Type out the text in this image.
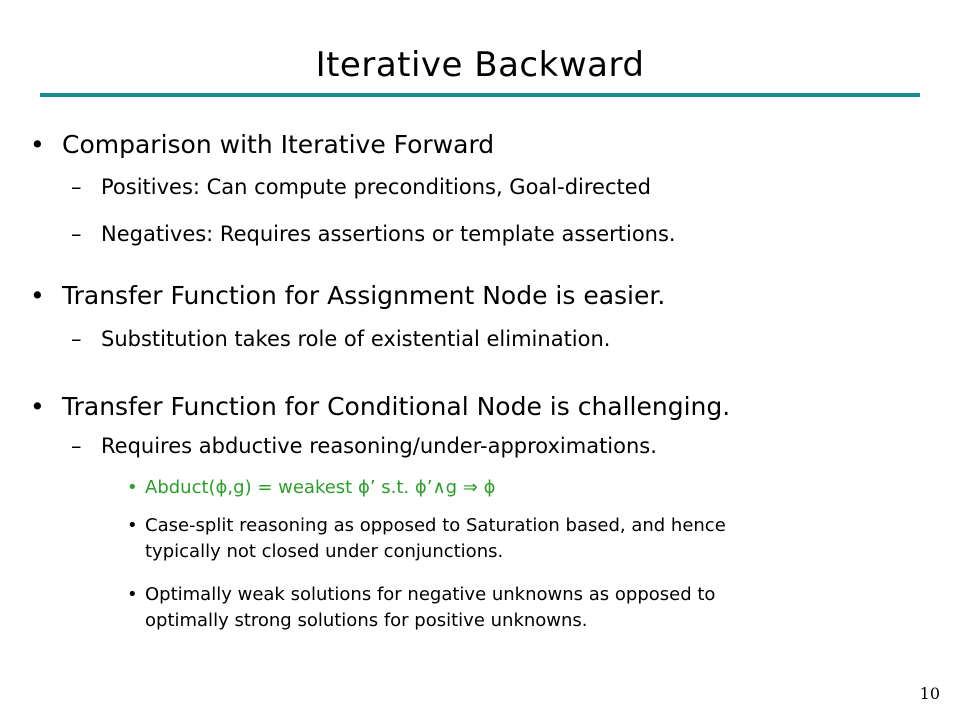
Iterative Backward
• Comparison with Iterative Forward
– Positives: Can compute preconditions, Goal-directed
– Negatives: Requires assertions or template assertions.
• Transfer Function for Assignment Node is easier.
– Substitution takes role of existential elimination.
• Transfer Function for Conditional Node is challenging.
– Requires abductive reasoning/under-approximations.
• Abduct(ϕ,g) = weakest ϕ’ s.t. ϕ’∧g ⇒ ϕ
• Case-split reasoning as opposed to Saturation based, and hence
typically not closed under conjunctions.
• Optimally weak solutions for negative unknowns as opposed to
optimally strong solutions for positive unknowns.
10
